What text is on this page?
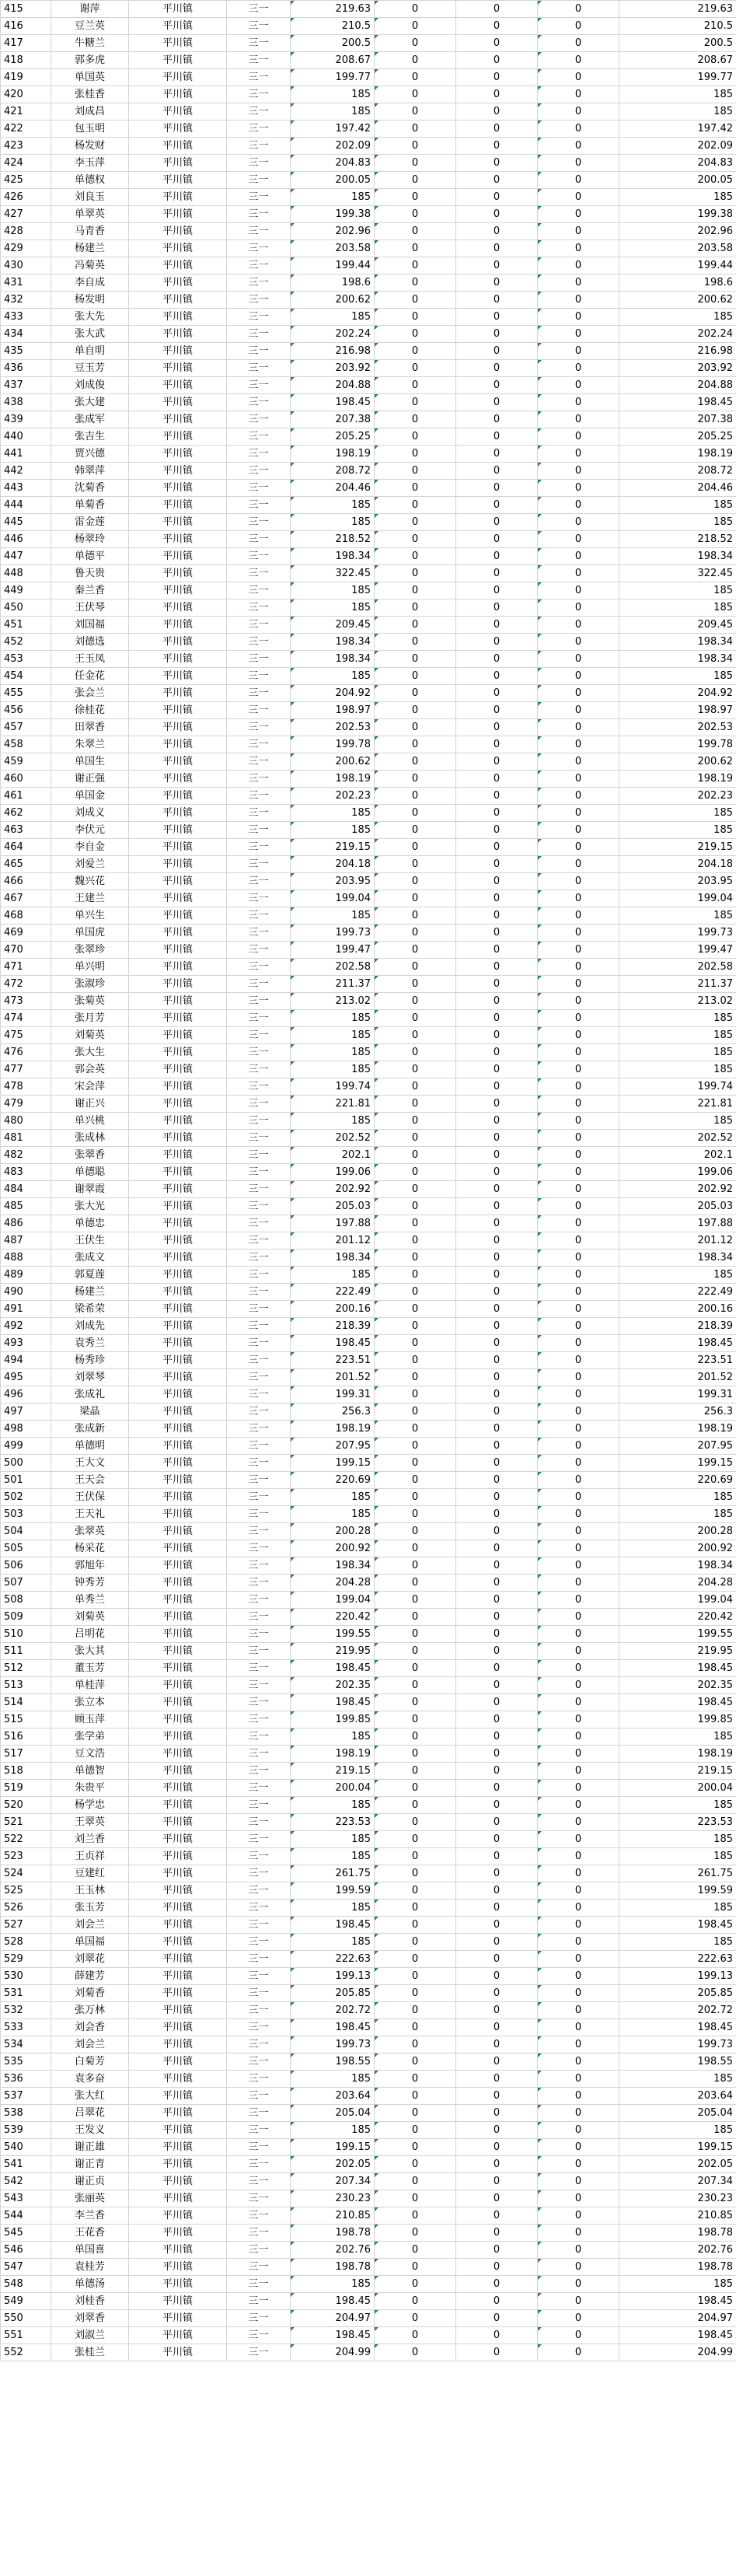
415	谢萍	平川镇	三一	219.63	0	0	0	219.63
416	豆兰英	平川镇	三一	210.5	0	0	0	210.5
417	牛糖兰	平川镇	三一	200.5	0	0	0	200.5
418	郭多虎	平川镇	三一	208.67	0	0	0	208.67
419	单国英	平川镇	三一	199.77	0	0	0	199.77
420	张桂香	平川镇	三一	185	0	0	0	185
421	刘成昌	平川镇	三一	185	0	0	0	185
422	包玉明	平川镇	三一	197.42	0	0	0	197.42
423	杨发财	平川镇	三一	202.09	0	0	0	202.09
424	李玉萍	平川镇	三一	204.83	0	0	0	204.83
425	单德权	平川镇	三一	200.05	0	0	0	200.05
426	刘良玉	平川镇	三一	185	0	0	0	185
427	单翠英	平川镇	三一	199.38	0	0	0	199.38
428	马青香	平川镇	三一	202.96	0	0	0	202.96
429	杨建兰	平川镇	三一	203.58	0	0	0	203.58
430	冯菊英	平川镇	三一	199.44	0	0	0	199.44
431	李自成	平川镇	三一	198.6	0	0	0	198.6
432	杨发明	平川镇	三一	200.62	0	0	0	200.62
433	张大先	平川镇	三一	185	0	0	0	185
434	张大武	平川镇	三一	202.24	0	0	0	202.24
435	单自明	平川镇	三一	216.98	0	0	0	216.98
436	豆玉芳	平川镇	三一	203.92	0	0	0	203.92
437	刘成俊	平川镇	三一	204.88	0	0	0	204.88
438	张大建	平川镇	三一	198.45	0	0	0	198.45
439	张成军	平川镇	三一	207.38	0	0	0	207.38
440	张吉生	平川镇	三一	205.25	0	0	0	205.25
441	贾兴德	平川镇	三一	198.19	0	0	0	198.19
442	韩翠萍	平川镇	三一	208.72	0	0	0	208.72
443	沈菊香	平川镇	三一	204.46	0	0	0	204.46
444	单菊香	平川镇	三一	185	0	0	0	185
445	雷金莲	平川镇	三一	185	0	0	0	185
446	杨翠玲	平川镇	三一	218.52	0	0	0	218.52
447	单德平	平川镇	三一	198.34	0	0	0	198.34
448	鲁天贵	平川镇	三一	322.45	0	0	0	322.45
449	秦兰香	平川镇	三一	185	0	0	0	185
450	王伏琴	平川镇	三一	185	0	0	0	185
451	刘国福	平川镇	三一	209.45	0	0	0	209.45
452	刘德选	平川镇	三一	198.34	0	0	0	198.34
453	王玉凤	平川镇	三一	198.34	0	0	0	198.34
454	任金花	平川镇	三一	185	0	0	0	185
455	张会兰	平川镇	三一	204.92	0	0	0	204.92
456	徐桂花	平川镇	三一	198.97	0	0	0	198.97
457	田翠香	平川镇	三一	202.53	0	0	0	202.53
458	朱翠兰	平川镇	三一	199.78	0	0	0	199.78
459	单国生	平川镇	三一	200.62	0	0	0	200.62
460	谢正强	平川镇	三一	198.19	0	0	0	198.19
461	单国金	平川镇	三一	202.23	0	0	0	202.23
462	刘成义	平川镇	三一	185	0	0	0	185
463	李伏元	平川镇	三一	185	0	0	0	185
464	李自金	平川镇	三一	219.15	0	0	0	219.15
465	刘爱兰	平川镇	三一	204.18	0	0	0	204.18
466	魏兴花	平川镇	三一	203.95	0	0	0	203.95
467	王建兰	平川镇	三一	199.04	0	0	0	199.04
468	单兴生	平川镇	三一	185	0	0	0	185
469	单国虎	平川镇	三一	199.73	0	0	0	199.73
470	张翠珍	平川镇	三一	199.47	0	0	0	199.47
471	单兴明	平川镇	三一	202.58	0	0	0	202.58
472	张淑珍	平川镇	三一	211.37	0	0	0	211.37
473	张菊英	平川镇	三一	213.02	0	0	0	213.02
474	张月芳	平川镇	三一	185	0	0	0	185
475	刘菊英	平川镇	三一	185	0	0	0	185
476	张大生	平川镇	三一	185	0	0	0	185
477	郭会英	平川镇	三一	185	0	0	0	185
478	宋会萍	平川镇	三一	199.74	0	0	0	199.74
479	谢正兴	平川镇	三一	221.81	0	0	0	221.81
480	单兴桃	平川镇	三一	185	0	0	0	185
481	张成林	平川镇	三一	202.52	0	0	0	202.52
482	张翠香	平川镇	三一	202.1	0	0	0	202.1
483	单德聪	平川镇	三一	199.06	0	0	0	199.06
484	谢翠霞	平川镇	三一	202.92	0	0	0	202.92
485	张大光	平川镇	三一	205.03	0	0	0	205.03
486	单德忠	平川镇	三一	197.88	0	0	0	197.88
487	王伏生	平川镇	三一	201.12	0	0	0	201.12
488	张成文	平川镇	三一	198.34	0	0	0	198.34
489	郭夏莲	平川镇	三一	185	0	0	0	185
490	杨建兰	平川镇	三一	222.49	0	0	0	222.49
491	梁希荣	平川镇	三一	200.16	0	0	0	200.16
492	刘成先	平川镇	三一	218.39	0	0	0	218.39
493	袁秀兰	平川镇	三一	198.45	0	0	0	198.45
494	杨秀珍	平川镇	三一	223.51	0	0	0	223.51
495	刘翠琴	平川镇	三一	201.52	0	0	0	201.52
496	张成礼	平川镇	三一	199.31	0	0	0	199.31
497	梁晶	平川镇	三一	256.3	0	0	0	256.3
498	张成新	平川镇	三一	198.19	0	0	0	198.19
499	单德明	平川镇	三一	207.95	0	0	0	207.95
500	王大文	平川镇	三一	199.15	0	0	0	199.15
501	王天会	平川镇	三一	220.69	0	0	0	220.69
502	王伏保	平川镇	三一	185	0	0	0	185
503	王天礼	平川镇	三一	185	0	0	0	185
504	张翠英	平川镇	三一	200.28	0	0	0	200.28
505	杨采花	平川镇	三一	200.92	0	0	0	200.92
506	郭旭年	平川镇	三一	198.34	0	0	0	198.34
507	钟秀芳	平川镇	三一	204.28	0	0	0	204.28
508	单秀兰	平川镇	三一	199.04	0	0	0	199.04
509	刘菊英	平川镇	三一	220.42	0	0	0	220.42
510	吕明花	平川镇	三一	199.55	0	0	0	199.55
511	张大其	平川镇	三一	219.95	0	0	0	219.95
512	董玉芳	平川镇	三一	198.45	0	0	0	198.45
513	单桂萍	平川镇	三一	202.35	0	0	0	202.35
514	张立本	平川镇	三一	198.45	0	0	0	198.45
515	顾玉萍	平川镇	三一	199.85	0	0	0	199.85
516	张学弟	平川镇	三一	185	0	0	0	185
517	豆文浩	平川镇	三一	198.19	0	0	0	198.19
518	单德智	平川镇	三一	219.15	0	0	0	219.15
519	朱贵平	平川镇	三一	200.04	0	0	0	200.04
520	杨学忠	平川镇	三一	185	0	0	0	185
521	王翠英	平川镇	三一	223.53	0	0	0	223.53
522	刘兰香	平川镇	三一	185	0	0	0	185
523	王贞祥	平川镇	三一	185	0	0	0	185
524	豆建红	平川镇	三一	261.75	0	0	0	261.75
525	王玉林	平川镇	三一	199.59	0	0	0	199.59
526	张玉芳	平川镇	三一	185	0	0	0	185
527	刘会兰	平川镇	三一	198.45	0	0	0	198.45
528	单国福	平川镇	三一	185	0	0	0	185
529	刘翠花	平川镇	三一	222.63	0	0	0	222.63
530	薛建芳	平川镇	三一	199.13	0	0	0	199.13
531	刘菊香	平川镇	三一	205.85	0	0	0	205.85
532	张万林	平川镇	三一	202.72	0	0	0	202.72
533	刘会香	平川镇	三一	198.45	0	0	0	198.45
534	刘会兰	平川镇	三一	199.73	0	0	0	199.73
535	白菊芳	平川镇	三一	198.55	0	0	0	198.55
536	袁多奋	平川镇	三一	185	0	0	0	185
537	张大红	平川镇	三一	203.64	0	0	0	203.64
538	吕翠花	平川镇	三一	205.04	0	0	0	205.04
539	王发义	平川镇	三一	185	0	0	0	185
540	谢正雄	平川镇	三一	199.15	0	0	0	199.15
541	谢正青	平川镇	三一	202.05	0	0	0	202.05
542	谢正贞	平川镇	三一	207.34	0	0	0	207.34
543	张丽英	平川镇	三一	230.23	0	0	0	230.23
544	李兰香	平川镇	三一	210.85	0	0	0	210.85
545	王花香	平川镇	三一	198.78	0	0	0	198.78
546	单国喜	平川镇	三一	202.76	0	0	0	202.76
547	袁桂芳	平川镇	三一	198.78	0	0	0	198.78
548	单德汤	平川镇	三一	185	0	0	0	185
549	刘桂香	平川镇	三一	198.45	0	0	0	198.45
550	刘翠香	平川镇	三一	204.97	0	0	0	204.97
551	刘淑兰	平川镇	三一	198.45	0	0	0	198.45
552	张桂兰	平川镇	三一	204.99	0	0	0	204.99
